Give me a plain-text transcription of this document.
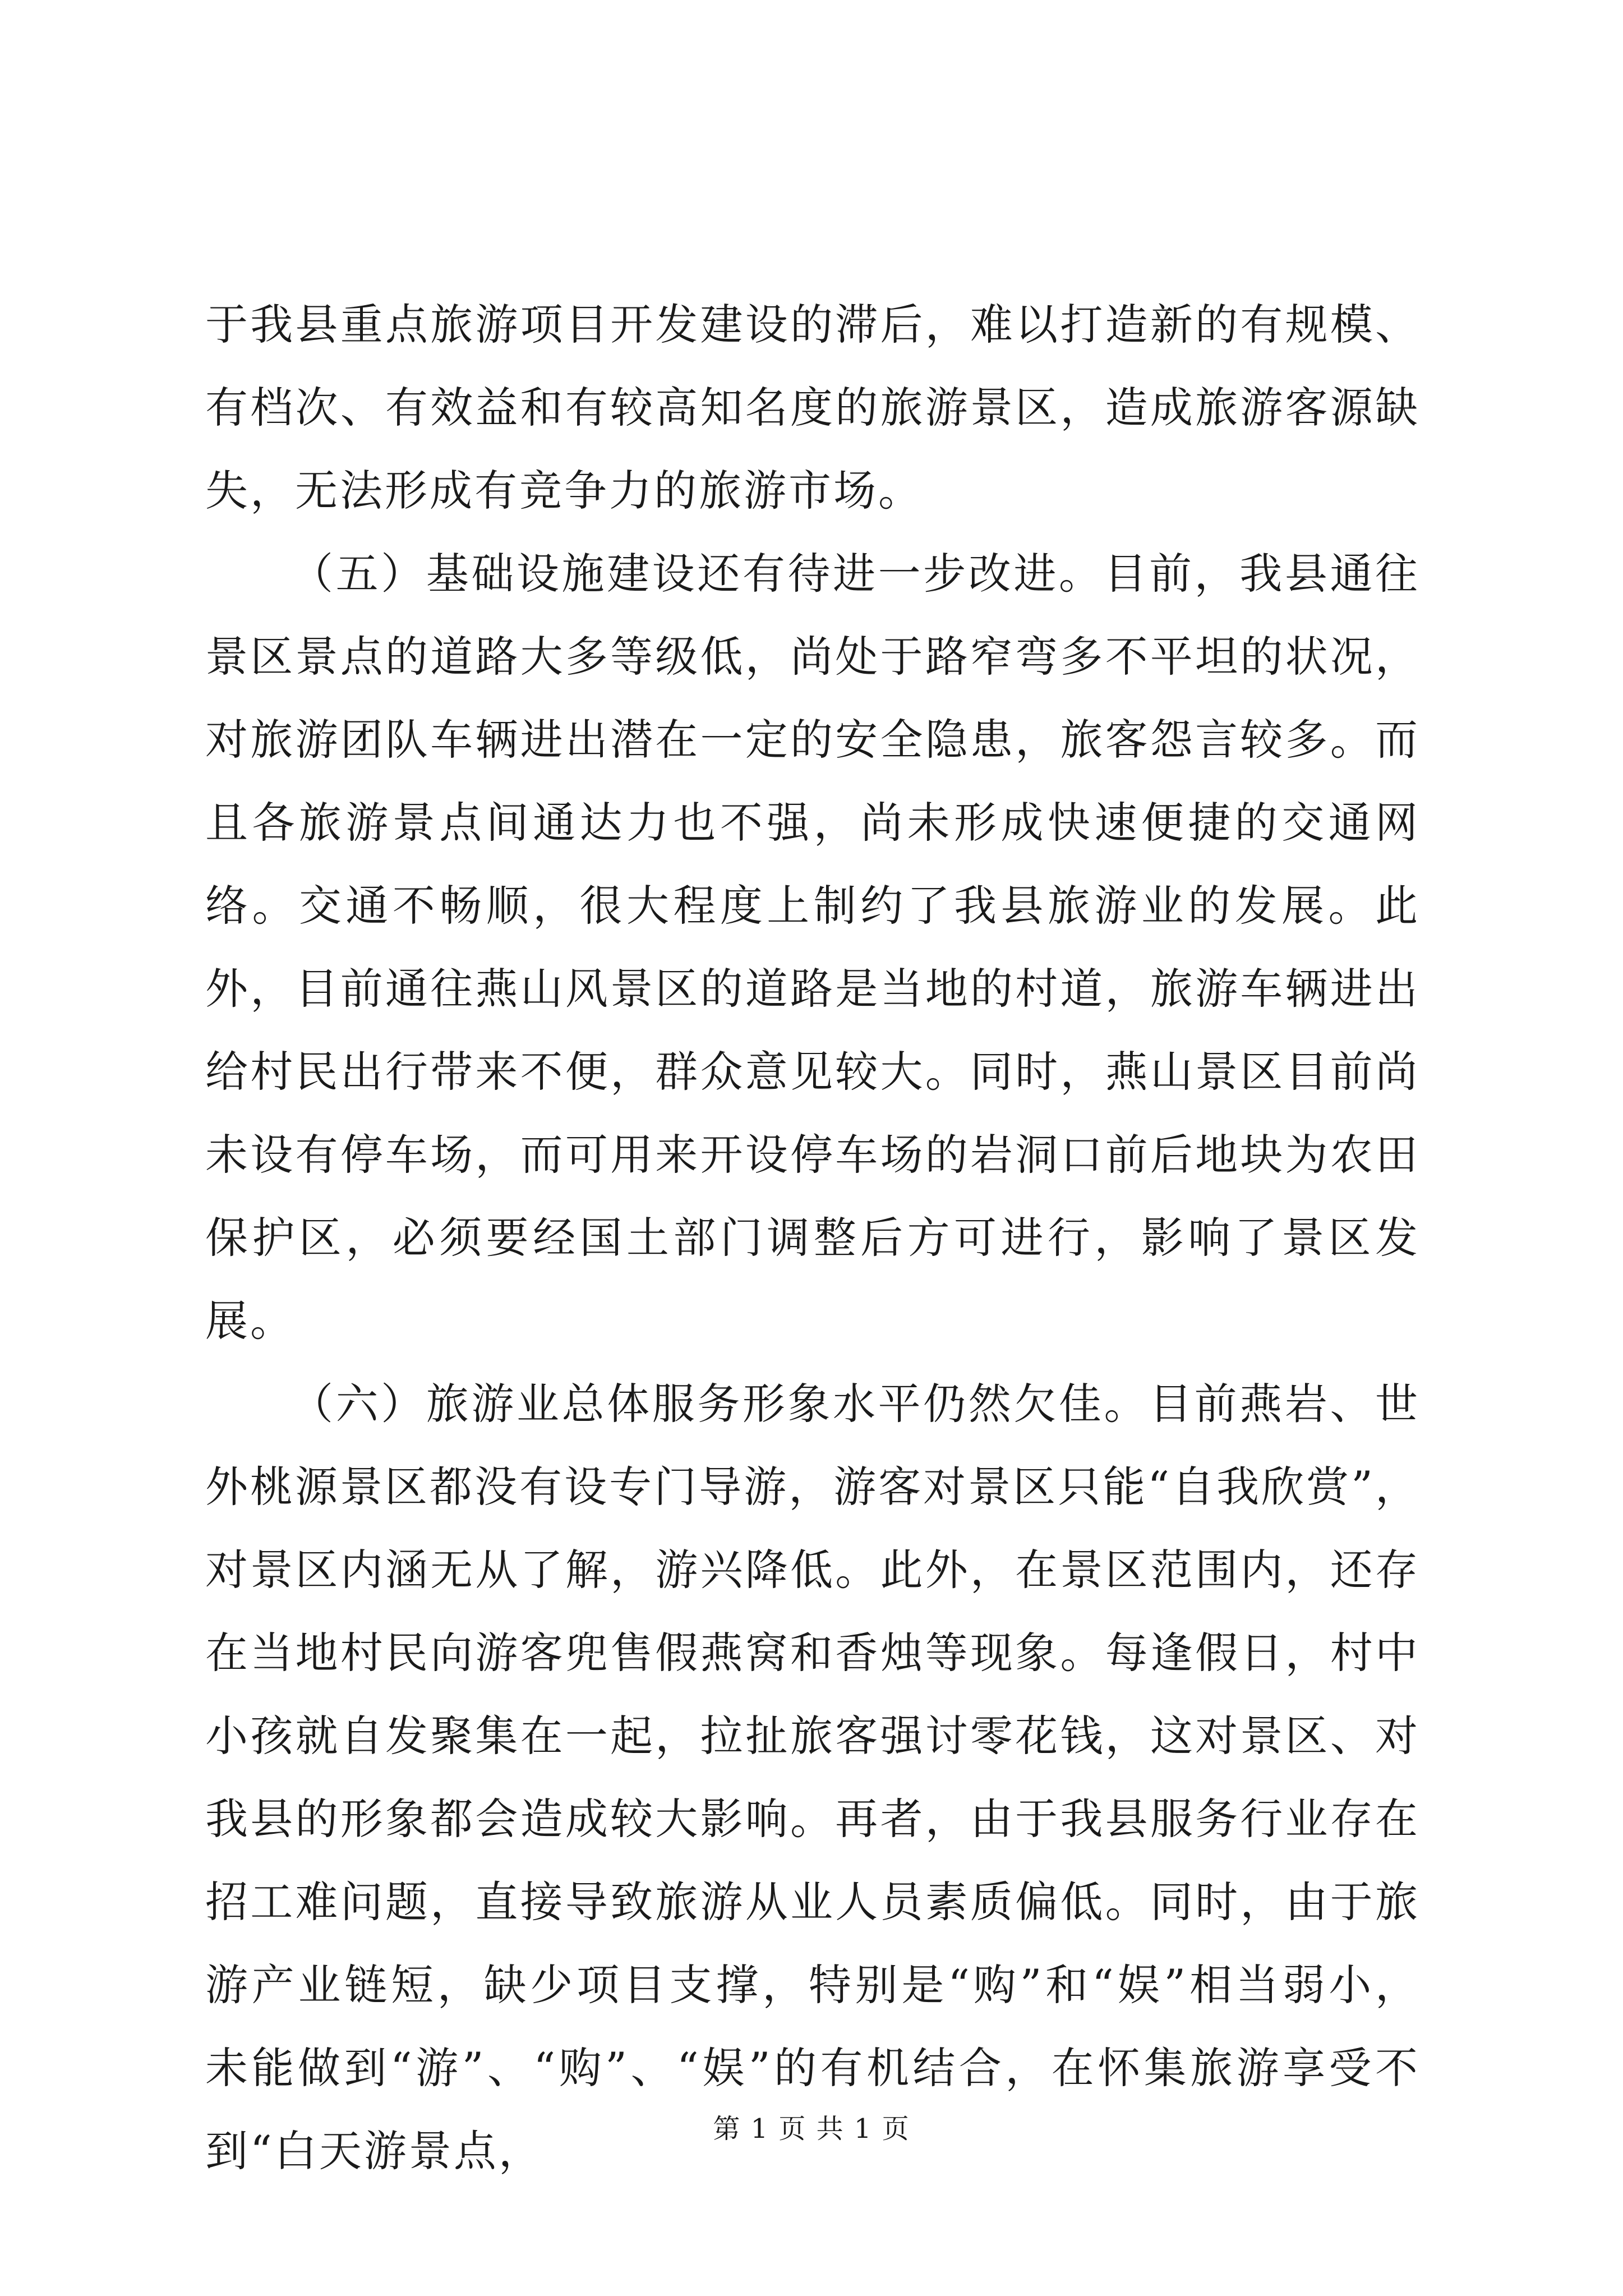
于我县重点旅游项目开发建设的滞后，难以打造新的有规模、有档次、有效益和有较高知名度的旅游景区，造成旅游客源缺失，无法形成有竞争力的旅游市场。

（五）基础设施建设还有待进一步改进。目前，我县通往景区景点的道路大多等级低，尚处于路窄弯多不平坦的状况，对旅游团队车辆进出潜在一定的安全隐患，旅客怨言较多。而且各旅游景点间通达力也不强，尚未形成快速便捷的交通网络。交通不畅顺，很大程度上制约了我县旅游业的发展。此外，目前通往燕山风景区的道路是当地的村道，旅游车辆进出给村民出行带来不便，群众意见较大。同时，燕山景区目前尚未设有停车场，而可用来开设停车场的岩洞口前后地块为农田保护区，必须要经国土部门调整后方可进行，影响了景区发展。

（六）旅游业总体服务形象水平仍然欠佳。目前燕岩、世外桃源景区都没有设专门导游，游客对景区只能“自我欣赏”，对景区内涵无从了解，游兴降低。此外，在景区范围内，还存在当地村民向游客兜售假燕窝和香烛等现象。每逢假日，村中小孩就自发聚集在一起，拉扯旅客强讨零花钱，这对景区、对我县的形象都会造成较大影响。再者，由于我县服务行业存在招工难问题，直接导致旅游从业人员素质偏低。同时，由于旅游产业链短，缺少项目支撑，特别是“购”和“娱”相当弱小，未能做到“游”、“购”、“娱”的有机结合，在怀集旅游享受不到“白天游景点，	第 1 页 共 1 页
